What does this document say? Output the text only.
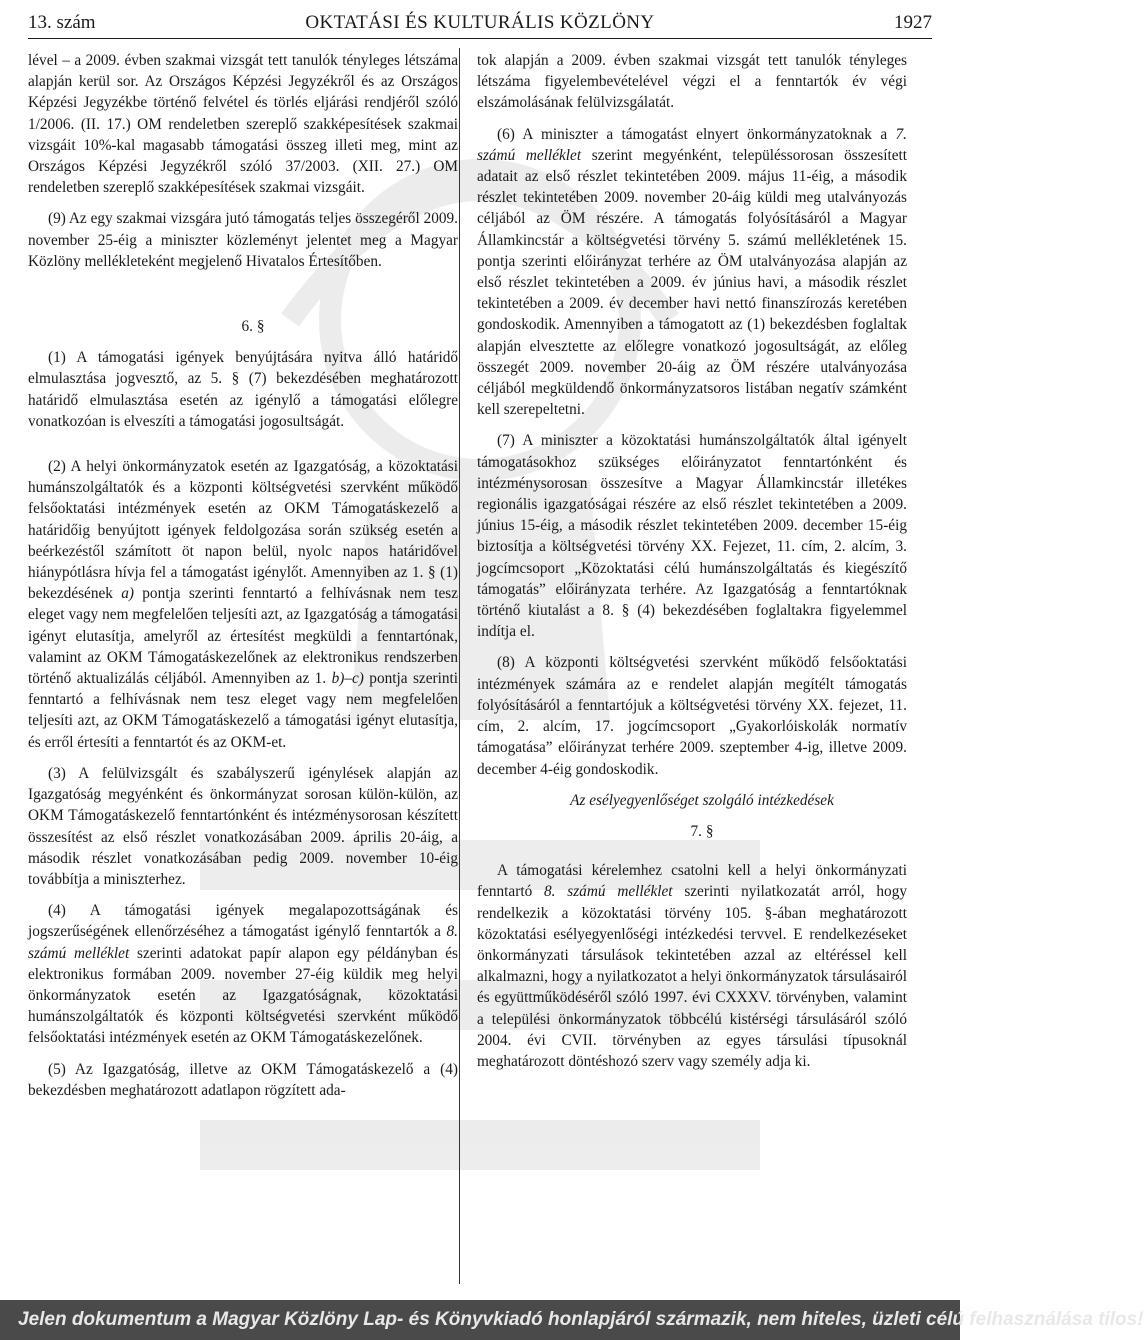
13. szám	OKTATÁSI ÉS KULTURÁLIS KÖZLÖNY	1927

lével – a 2009. évben szakmai vizsgát tett tanulók tényleges létszáma alapján kerül sor. Az Országos Képzési Jegyzékről és az Országos Képzési Jegyzékbe történő felvétel és törlés eljárási rendjéről szóló 1/2006. (II. 17.) OM rendeletben szereplő szakképesítések szakmai vizsgáit 10%-kal magasabb támogatási összeg illeti meg, mint az Országos Képzési Jegyzékről szóló 37/2003. (XII. 27.) OM rendeletben szereplő szakképesítések szakmai vizsgáit.

(9) Az egy szakmai vizsgára jutó támogatás teljes összegéről 2009. november 25-éig a miniszter közleményt jelentet meg a Magyar Közlöny mellékleteként megjelenő Hivatalos Értesítőben.

6. §

(1) A támogatási igények benyújtására nyitva álló határidő elmulasztása jogvesztő, az 5. § (7) bekezdésében meghatározott határidő elmulasztása esetén az igénylő a támogatási előlegre vonatkozóan is elveszíti a támogatási jogosultságát.

(2) A helyi önkormányzatok esetén az Igazgatóság, a közoktatási humánszolgáltatók és a központi költségvetési szervként működő felsőoktatási intézmények esetén az OKM Támogatáskezelő a határidőig benyújtott igények feldolgozása során szükség esetén a beérkezéstől számított öt napon belül, nyolc napos határidővel hiánypótlásra hívja fel a támogatást igénylőt. Amennyiben az 1. § (1) bekezdésének a) pontja szerinti fenntartó a felhívásnak nem tesz eleget vagy nem megfelelően teljesíti azt, az Igazgatóság a támogatási igényt elutasítja, amelyről az értesítést megküldi a fenntartónak, valamint az OKM Támogatáskezelőnek az elektronikus rendszerben történő aktualizálás céljából. Amennyiben az 1. b)–c) pontja szerinti fenntartó a felhívásnak nem tesz eleget vagy nem megfelelően teljesíti azt, az OKM Támogatáskezelő a támogatási igényt elutasítja, és erről értesíti a fenntartót és az OKM-et.

(3) A felülvizsgált és szabályszerű igénylések alapján az Igazgatóság megyénként és önkormányzat sorosan külön-külön, az OKM Támogatáskezelő fenntartónként és intézménysorosan készített összesítést az első részlet vonatkozásában 2009. április 20-áig, a második részlet vonatkozásában pedig 2009. november 10-éig továbbítja a miniszterhez.

(4) A támogatási igények megalapozottságának és jogszerűségének ellenőrzéséhez a támogatást igénylő fenntartók a 8. számú melléklet szerinti adatokat papír alapon egy példányban és elektronikus formában 2009. november 27-éig küldik meg helyi önkormányzatok esetén az Igazgatóságnak, közoktatási humánszolgáltatók és központi költségvetési szervként működő felsőoktatási intézmények esetén az OKM Támogatáskezelőnek.

(5) Az Igazgatóság, illetve az OKM Támogatáskezelő a (4) bekezdésben meghatározott adatlapon rögzített ada-

tok alapján a 2009. évben szakmai vizsgát tett tanulók tényleges létszáma figyelembevételével végzi el a fenntartók év végi elszámolásának felülvizsgálatát.

(6) A miniszter a támogatást elnyert önkormányzatoknak a 7. számú melléklet szerint megyénként, településsorosan összesített adatait az első részlet tekintetében 2009. május 11-éig, a második részlet tekintetében 2009. november 20-áig küldi meg utalványozás céljából az ÖM részére. A támogatás folyósításáról a Magyar Államkincstár a költségvetési törvény 5. számú mellékletének 15. pontja szerinti előirányzat terhére az ÖM utalványozása alapján az első részlet tekintetében a 2009. év június havi, a második részlet tekintetében a 2009. év december havi nettó finanszírozás keretében gondoskodik. Amennyiben a támogatott az (1) bekezdésben foglaltak alapján elvesztette az előlegre vonatkozó jogosultságát, az előleg összegét 2009. november 20-áig az ÖM részére utalványozása céljából megküldendő önkormányzatsoros listában negatív számként kell szerepeltetni.

(7) A miniszter a közoktatási humánszolgáltatók által igényelt támogatásokhoz szükséges előirányzatot fenntartónként és intézménysorosan összesítve a Magyar Államkincstár illetékes regionális igazgatóságai részére az első részlet tekintetében a 2009. június 15-éig, a második részlet tekintetében 2009. december 15-éig biztosítja a költségvetési törvény XX. Fejezet, 11. cím, 2. alcím, 3. jogcímcsoport „Közoktatási célú humánszolgáltatás és kiegészítő támogatás” előirányzata terhére. Az Igazgatóság a fenntartóknak történő kiutalást a 8. § (4) bekezdésében foglaltakra figyelemmel indítja el.

(8) A központi költségvetési szervként működő felsőoktatási intézmények számára az e rendelet alapján megítélt támogatás folyósításáról a fenntartójuk a költségvetési törvény XX. fejezet, 11. cím, 2. alcím, 17. jogcímcsoport „Gyakorlóiskolák normatív támogatása” előirányzat terhére 2009. szeptember 4-ig, illetve 2009. december 4-éig gondoskodik.

Az esélyegyenlőséget szolgáló intézkedések

7. §

A támogatási kérelemhez csatolni kell a helyi önkormányzati fenntartó 8. számú melléklet szerinti nyilatkozatát arról, hogy rendelkezik a közoktatási törvény 105. §-ában meghatározott közoktatási esélyegyenlőségi intézkedési tervvel. E rendelkezéseket önkormányzati társulások tekintetében azzal az eltéréssel kell alkalmazni, hogy a nyilatkozatot a helyi önkormányzatok társulásairól és együttműködéséről szóló 1997. évi CXXXV. törvényben, valamint a települési önkormányzatok többcélú kistérségi társulásáról szóló 2004. évi CVII. törvényben az egyes társulási típusoknál meghatározott döntéshozó szerv vagy személy adja ki.

Jelen dokumentum a Magyar Közlöny Lap- és Könyvkiadó honlapjáról származik, nem hiteles, üzleti célú felhasználása tilos!
